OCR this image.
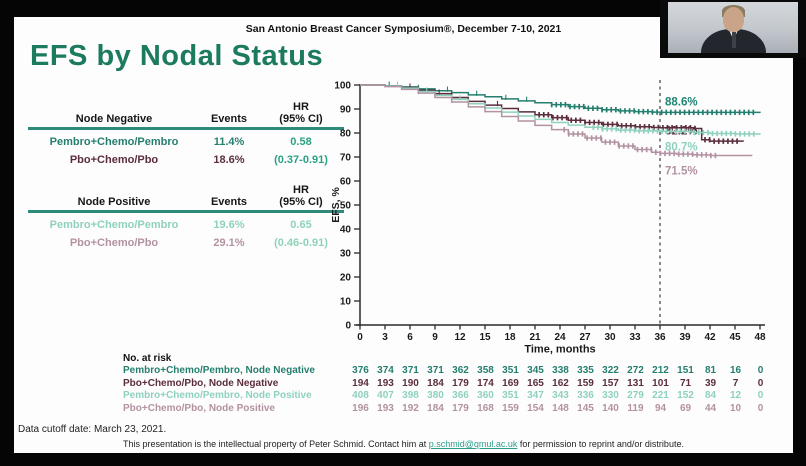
San Antonio Breast Cancer Symposium®, December 7-10, 2021
EFS by Nodal Status
Node Negative	Events
HR
(95% CI)
Pembro+Chemo/Pembro	11.4%	0.58
Pbo+Chemo/Pbo	18.6%	(0.37-0.91)
Node Positive	Events
HR
(95% CI)
Pembro+Chemo/Pembro	19.6%	0.65
Pbo+Chemo/Pbo	29.1%	(0.46-0.91)
0
10
20
30
40
50
60
70
80
90
100
0 3 6 9 12 15 18 21 24 27 30 33 36 39 42 45 48
Time, months
EFS, %
88.6%
82.2%
80.7%
71.5%
No. at risk
Pembro+Chemo/Pembro, Node Negative	376 374 371 371 362 358 351 345 338 335 322 272 212 151	81	16	0
Pbo+Chemo/Pbo, Node Negative	194 193 190 184 179 174 169 165 162 159 157 131 101	71	39	7	0
Pembro+Chemo/Pembro, Node Positive	408 407 398 380 366 360 351 347 343 336 330 279 221 152	84	12	0
Pbo+Chemo/Pbo, Node Positive	196 193 192 184 179 168 159 154 148 145 140 119	94	69	44	10	0
Data cutoff date: March 23, 2021.
This presentation is the intellectual property of Peter Schmid. Contact him at p.schmid@qmul.ac.uk for permission to reprint and/or distribute.
